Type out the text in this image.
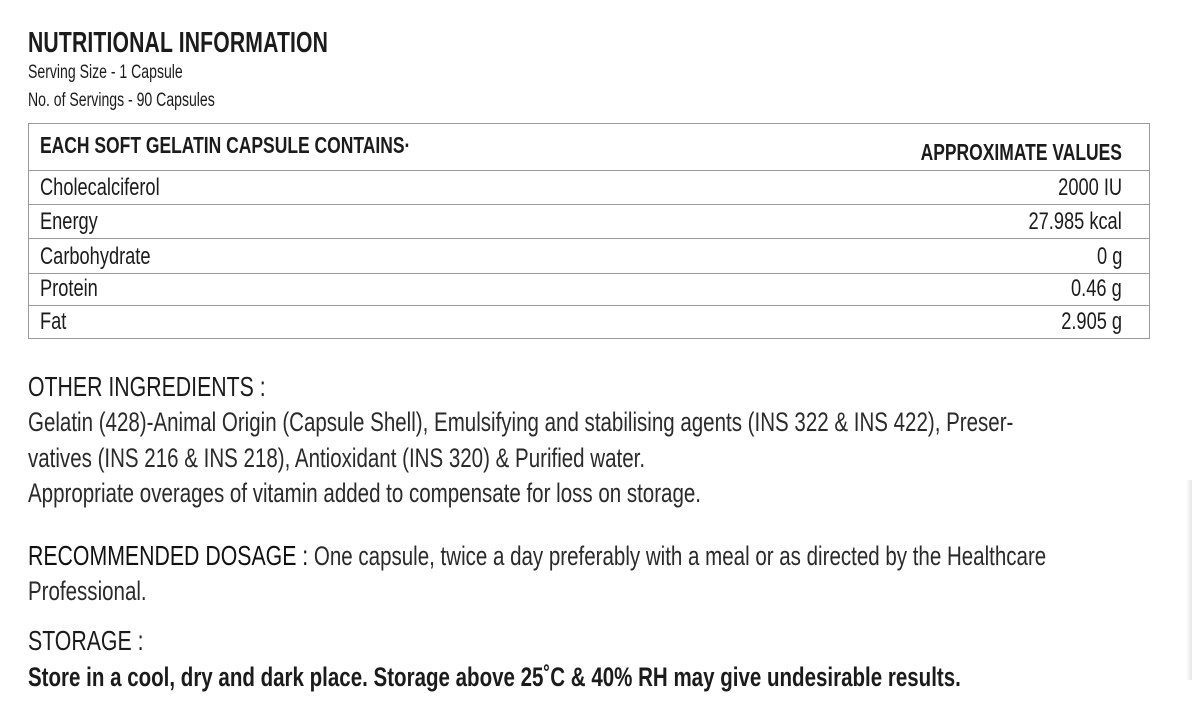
NUTRITIONAL INFORMATION
Serving Size - 1 Capsule
No. of Servings - 90 Capsules
EACH SOFT GELATIN CAPSULE CONTAINS·	APPROXIMATE VALUES
Cholecalciferol	2000 IU
Energy	27.985 kcal
Carbohydrate	0 g
Protein	0.46 g
Fat	2.905 g
OTHER INGREDIENTS :
Gelatin (428)-Animal Origin (Capsule Shell), Emulsifying and stabilising agents (INS 322 & INS 422), Preser-
vatives (INS 216 & INS 218), Antioxidant (INS 320) & Purified water.
Appropriate overages of vitamin added to compensate for loss on storage.
RECOMMENDED DOSAGE : One capsule, twice a day preferably with a meal or as directed by the Healthcare
Professional.
STORAGE :
Store in a cool, dry and dark place. Storage above 25˚C & 40% RH may give undesirable results.
